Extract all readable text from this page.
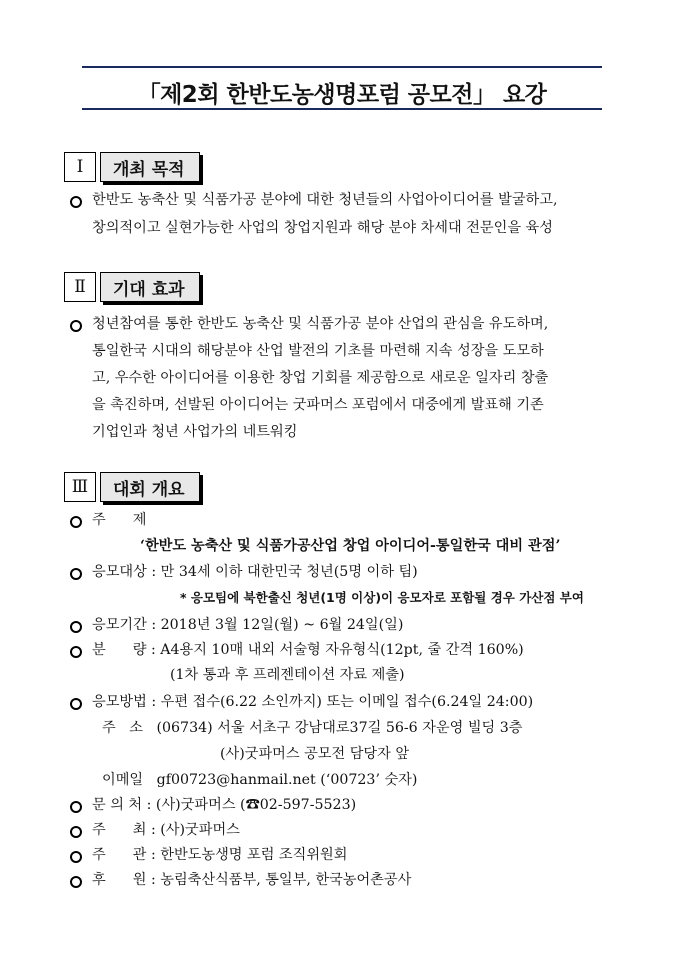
「제2회 한반도농생명포럼 공모전」 요강
Ⅰ	개최 목적
한반도 농축산 및 식품가공 분야에 대한 청년들의 사업아이디어를 발굴하고,
창의적이고 실현가능한 사업의 창업지원과 해당 분야 차세대 전문인을 육성
Ⅱ	기대 효과
청년참여를 통한 한반도 농축산 및 식품가공 분야 산업의 관심을 유도하며,
통일한국 시대의 해당분야 산업 발전의 기초를 마련해 지속 성장을 도모하
고, 우수한 아이디어를 이용한 창업 기회를 제공함으로 새로운 일자리 창출
을 촉진하며, 선발된 아이디어는 굿파머스 포럼에서 대중에게 발표해 기존
기업인과 청년 사업가의 네트워킹
Ⅲ	대회 개요
주      제
‘한반도 농축산 및 식품가공산업 창업 아이디어-통일한국 대비 관점’
응모대상 : 만 34세 이하 대한민국 청년(5명 이하 팀)
* 응모팀에 북한출신 청년(1명 이상)이 응모자로 포함될 경우 가산점 부여
응모기간 : 2018년 3월 12일(월) ~ 6월 24일(일)
분      량 : A4용지 10매 내외 서술형 자유형식(12pt, 줄 간격 160%)
(1차 통과 후 프레젠테이션 자료 제출)
응모방법 : 우편 접수(6.22 소인까지) 또는 이메일 접수(6.24일 24:00)
주   소   (06734) 서울 서초구 강남대로37길 56-6 자운영 빌딩 3층
(사)굿파머스 공모전 담당자 앞
이메일   gf00723@hanmail.net (‘00723’ 숫자)
문 의 처 : (사)굿파머스 (☎02-597-5523)
주      최 : (사)굿파머스
주      관 : 한반도농생명 포럼 조직위원회
후      원 : 농림축산식품부, 통일부, 한국농어촌공사
